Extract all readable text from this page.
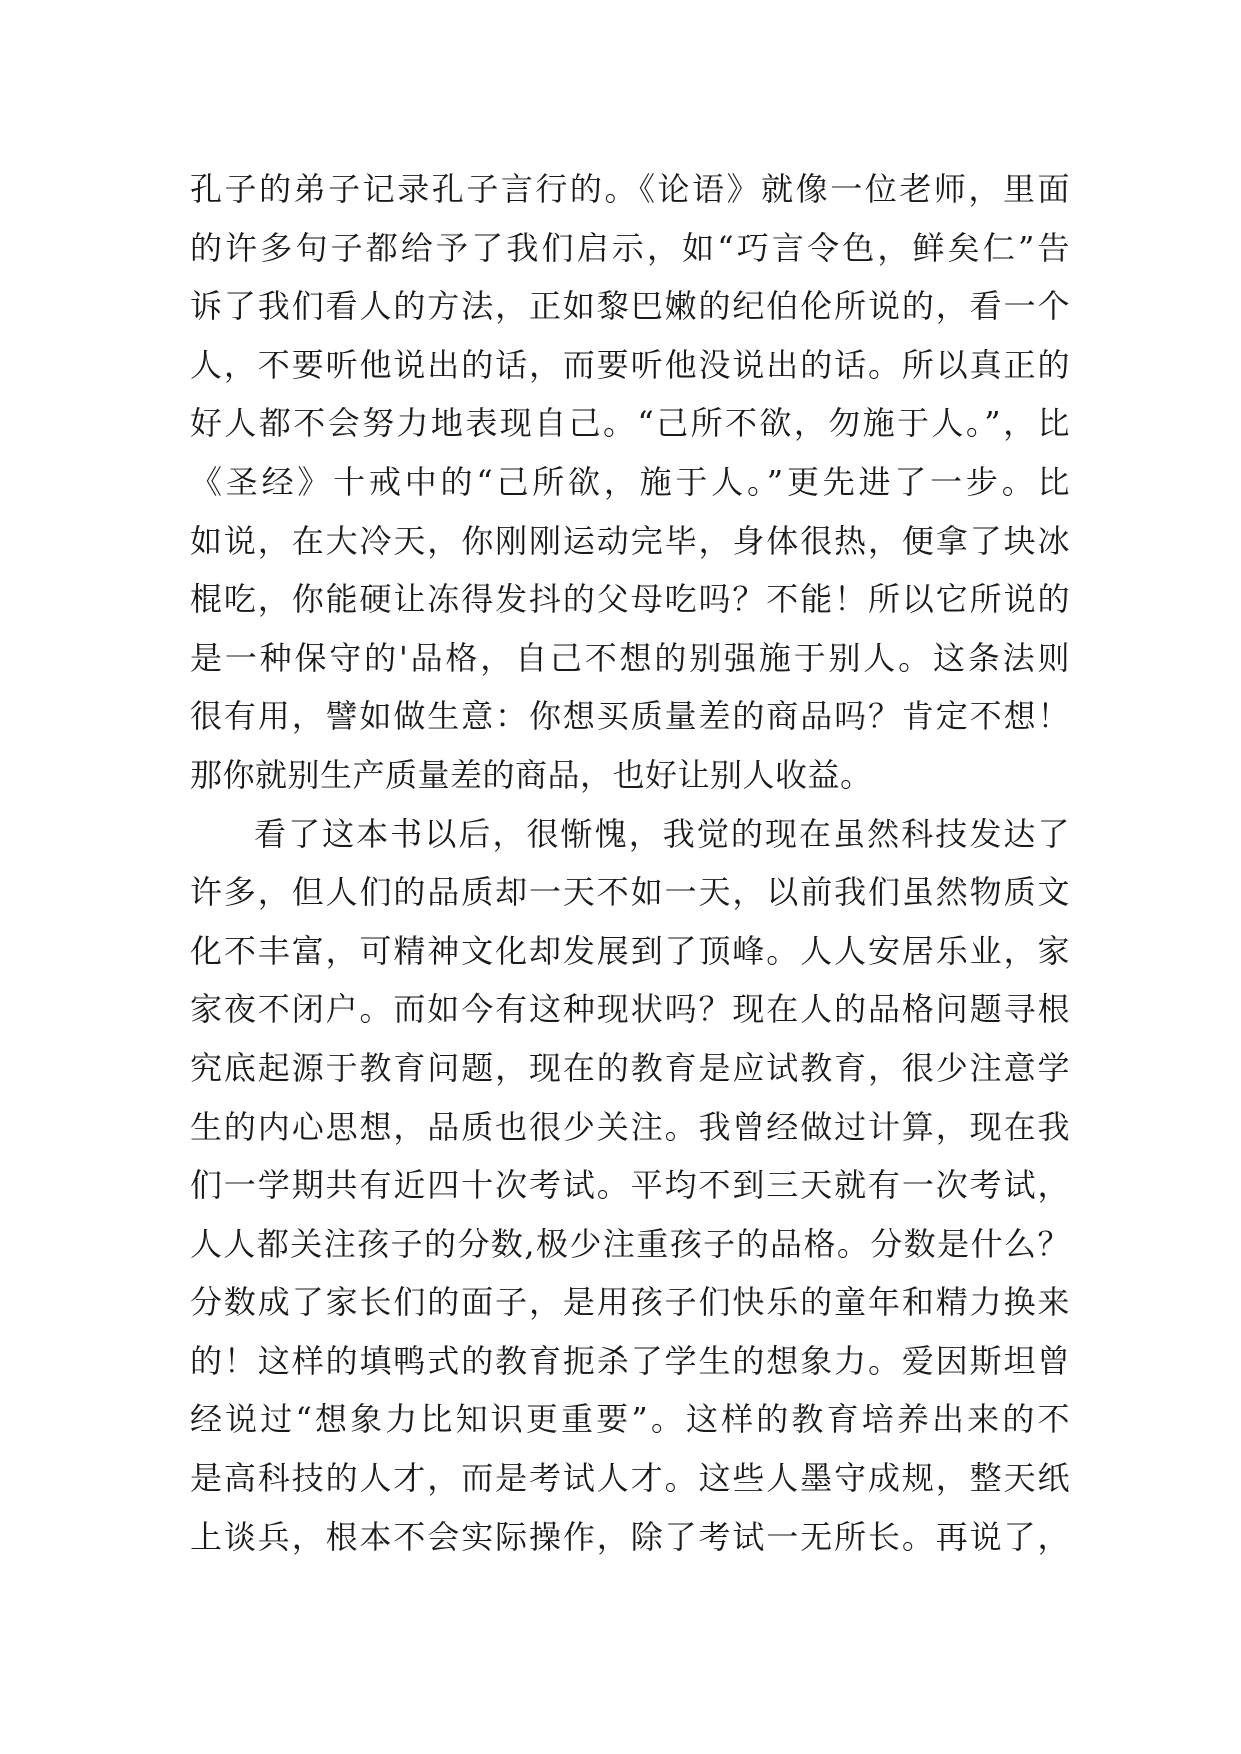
孔子的弟子记录孔子言行的。《论语》就像一位老师，里面
的许多句子都给予了我们启示，如“巧言令色，鲜矣仁”告
诉了我们看人的方法，正如黎巴嫩的纪伯伦所说的，看一个
人，不要听他说出的话，而要听他没说出的话。所以真正的
好人都不会努力地表现自己。“己所不欲，勿施于人。”，比
《圣经》十戒中的“己所欲，施于人。”更先进了一步。比
如说，在大冷天，你刚刚运动完毕，身体很热，便拿了块冰
棍吃，你能硬让冻得发抖的父母吃吗？不能！所以它所说的
是一种保守的'品格，自己不想的别强施于别人。这条法则
很有用，譬如做生意：你想买质量差的商品吗？肯定不想！
那你就别生产质量差的商品，也好让别人收益。
看了这本书以后，很惭愧，我觉的现在虽然科技发达了
许多，但人们的品质却一天不如一天，以前我们虽然物质文
化不丰富，可精神文化却发展到了顶峰。人人安居乐业，家
家夜不闭户。而如今有这种现状吗？现在人的品格问题寻根
究底起源于教育问题，现在的教育是应试教育，很少注意学
生的内心思想，品质也很少关注。我曾经做过计算，现在我
们一学期共有近四十次考试。平均不到三天就有一次考试，
人人都关注孩子的分数,极少注重孩子的品格。分数是什么？
分数成了家长们的面子，是用孩子们快乐的童年和精力换来
的！这样的填鸭式的教育扼杀了学生的想象力。爱因斯坦曾
经说过“想象力比知识更重要”。这样的教育培养出来的不
是高科技的人才，而是考试人才。这些人墨守成规，整天纸
上谈兵，根本不会实际操作，除了考试一无所长。再说了，
